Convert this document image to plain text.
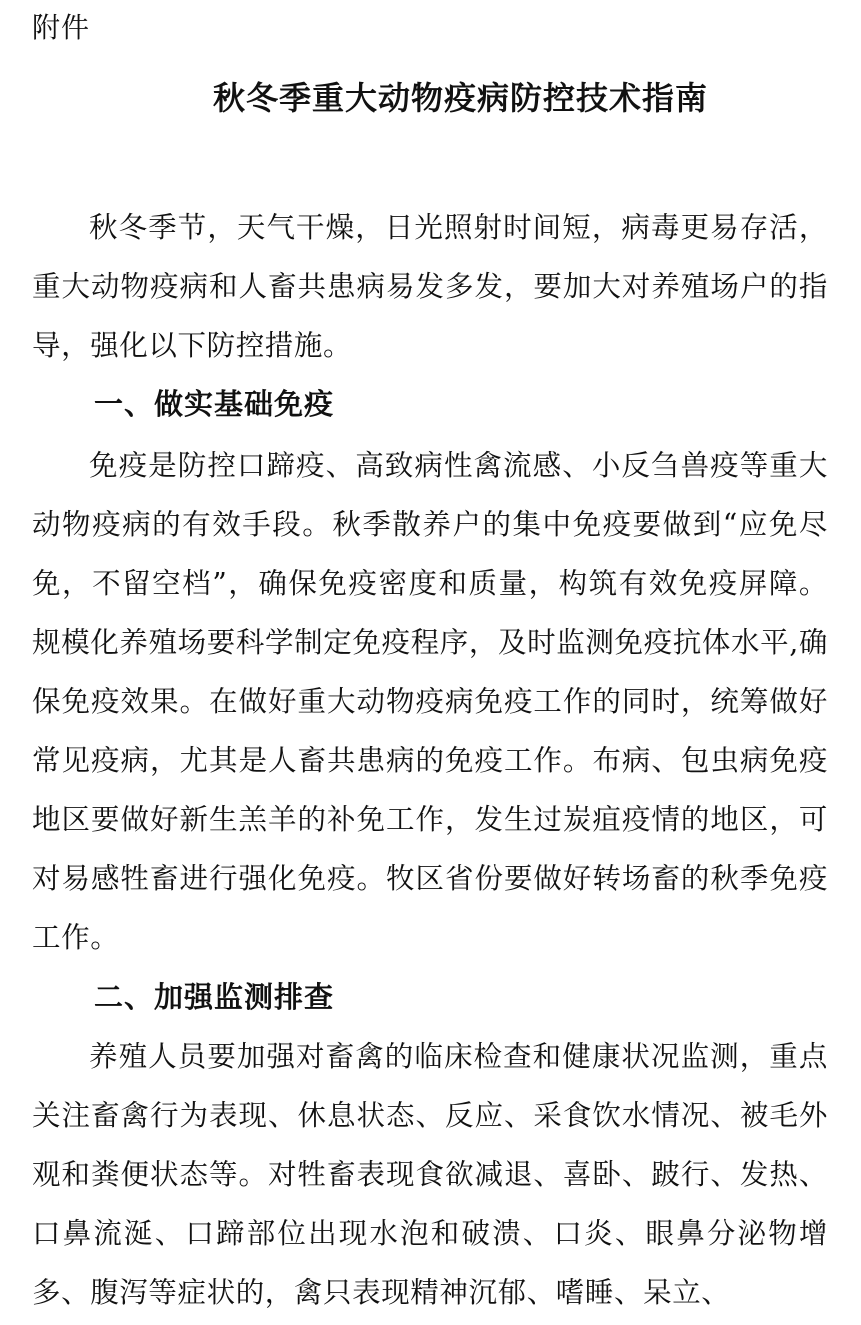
附件
秋冬季重大动物疫病防控技术指南

秋冬季节，天气干燥，日光照射时间短，病毒更易存活，重大动物疫病和人畜共患病易发多发，要加大对养殖场户的指导，强化以下防控措施。

一、做实基础免疫

免疫是防控口蹄疫、高致病性禽流感、小反刍兽疫等重大动物疫病的有效手段。秋季散养户的集中免疫要做到“应免尽免，不留空档”，确保免疫密度和质量，构筑有效免疫屏障。规模化养殖场要科学制定免疫程序，及时监测免疫抗体水平,确保免疫效果。在做好重大动物疫病免疫工作的同时，统筹做好常见疫病，尤其是人畜共患病的免疫工作。布病、包虫病免疫地区要做好新生羔羊的补免工作，发生过炭疽疫情的地区，可对易感牲畜进行强化免疫。牧区省份要做好转场畜的秋季免疫工作。

二、加强监测排查

养殖人员要加强对畜禽的临床检查和健康状况监测，重点关注畜禽行为表现、休息状态、反应、采食饮水情况、被毛外观和粪便状态等。对牲畜表现食欲减退、喜卧、跛行、发热、口鼻流涎、口蹄部位出现水泡和破溃、口炎、眼鼻分泌物增多、腹泻等症状的，禽只表现精神沉郁、嗜睡、呆立、
